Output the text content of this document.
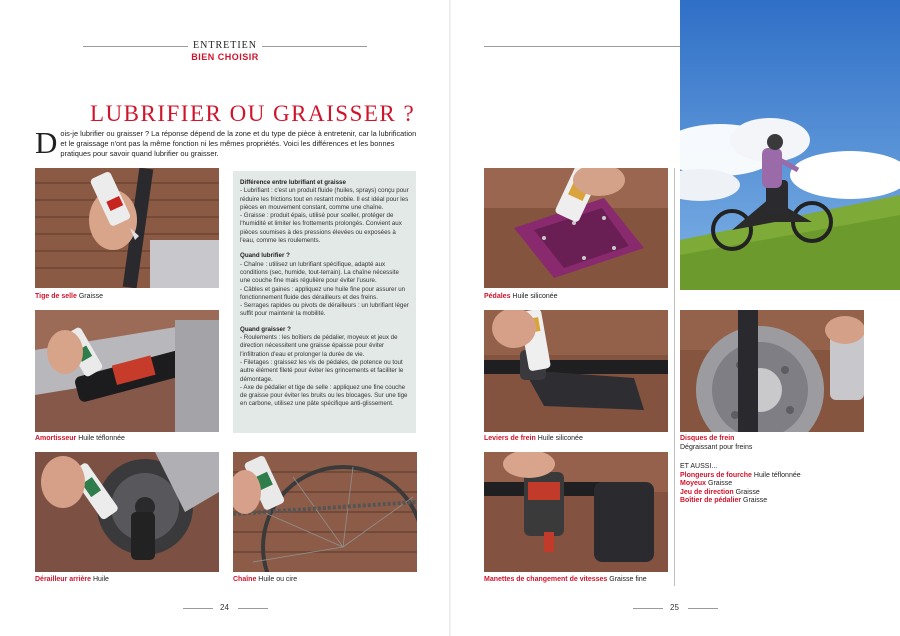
ENTRETIEN
BIEN CHOISIR
LUBRIFIER OU GRAISSER ?
Dois-je lubrifier ou graisser ? La réponse dépend de la zone et du type de pièce à entretenir, car la lubrification et le graissage n'ont pas la même fonction ni les mêmes propriétés. Voici les différences et les bonnes pratiques pour savoir quand lubrifier ou graisser.
Tige de selle Graisse
Amortisseur Huile téflonnée
Dérailleur arrière Huile	Chaîne Huile ou cire

Différence entre lubrifiant et graisse

- Lubrifiant : c'est un produit fluide (huiles, sprays) conçu pour réduire les frictions tout en restant mobile. Il est idéal pour les pièces en mouvement constant, comme une chaîne.

- Graisse : produit épais, utilisé pour sceller, protéger de l'humidité et limiter les frottements prolongés. Convient aux pièces soumises à des pressions élevées ou exposées à l'eau, comme les roulements.

Quand lubrifier ?

- Chaîne : utilisez un lubrifiant spécifique, adapté aux conditions (sec, humide, tout-terrain). La chaîne nécessite une couche fine mais régulière pour éviter l'usure.

- Câbles et gaines : appliquez une huile fine pour assurer un fonctionnement fluide des dérailleurs et des freins.

- Serrages rapides ou pivots de dérailleurs : un lubrifiant léger suffit pour maintenir la mobilité.

Quand graisser ?

- Roulements : les boîtiers de pédalier, moyeux et jeux de direction nécessitent une graisse épaisse pour éviter l'infiltration d'eau et prolonger la durée de vie.

- Filetages : graissez les vis de pédales, de potence ou tout autre élément fileté pour éviter les grincements et faciliter le démontage.

- Axe de pédalier et tige de selle : appliquez une fine couche de graisse pour éviter les bruits ou les blocages. Sur une tige en carbone, utilisez une pâte spécifique anti-glissement.

Pédales Huile siliconée
Leviers de frein Huile siliconée
Manettes de changement de vitesses Graisse fine
Disques de frein
Dégraissant pour freins
ET AUSSI...
Plongeurs de fourche Huile téflonnée
Moyeux Graisse
Jeu de direction Graisse
Boîtier de pédalier Graisse
24	25
